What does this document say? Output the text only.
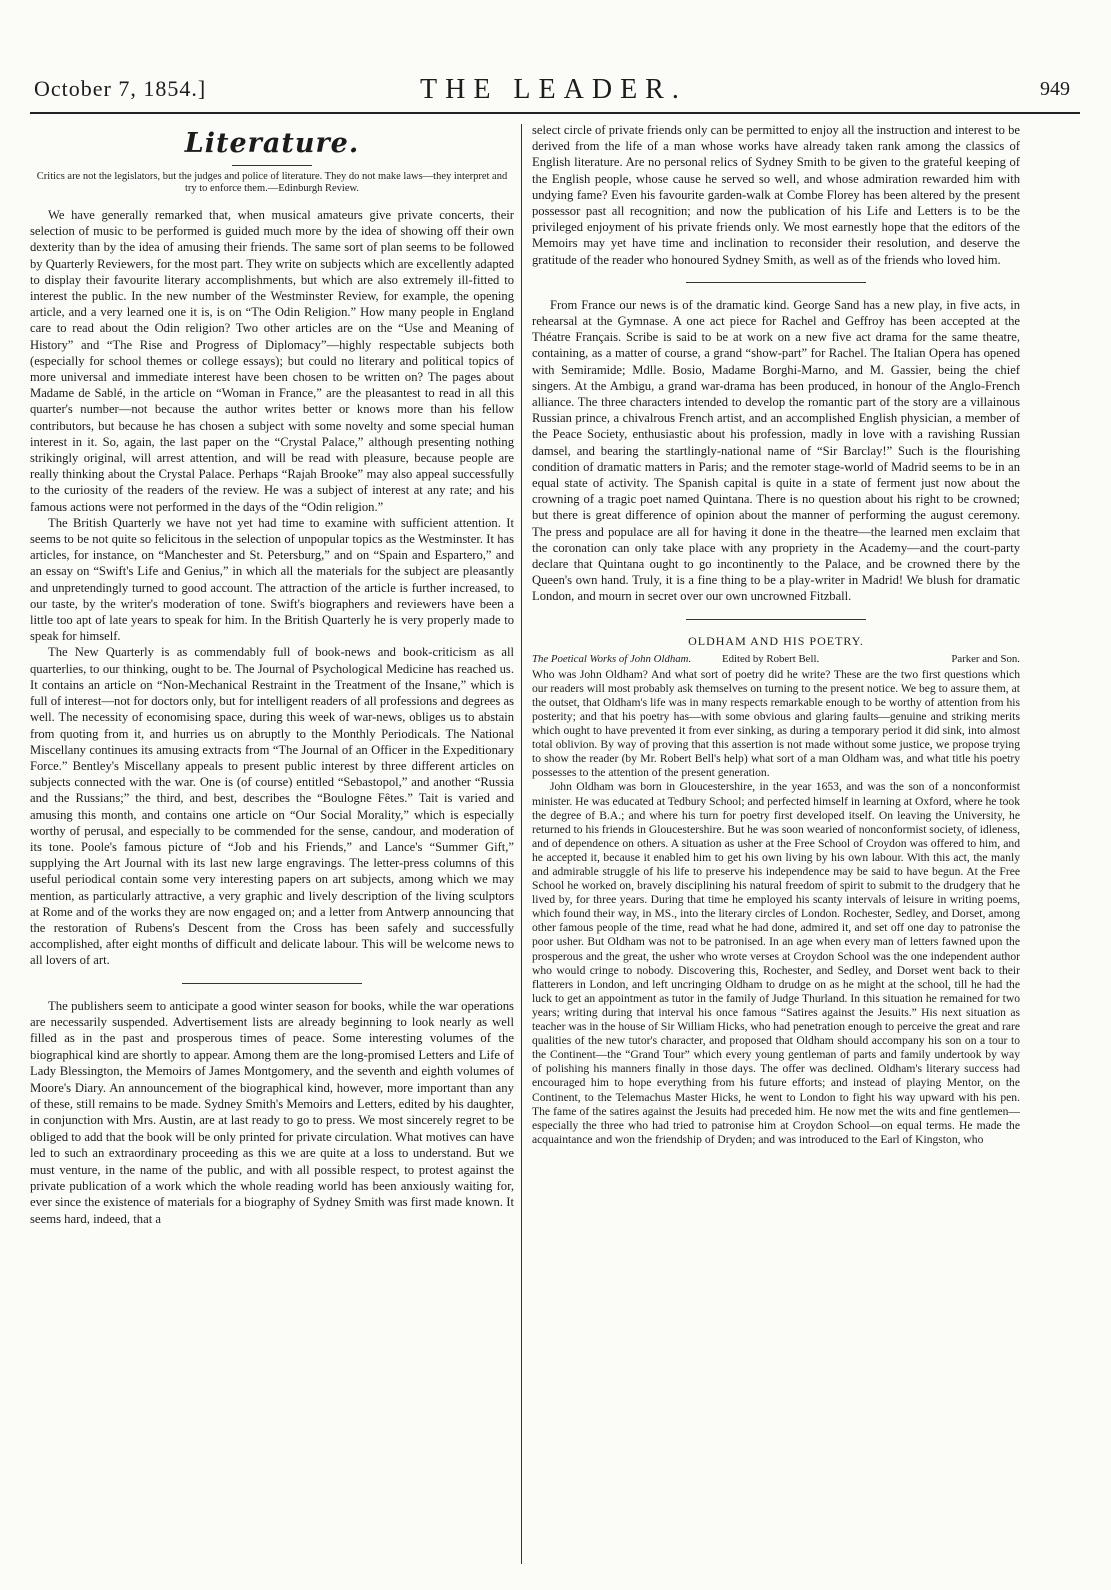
October 7, 1854.]	THE LEADER.	949
Literature.
Critics are not the legislators, but the judges and police of literature. They do not make laws—they interpret and try to enforce them.—Edinburgh Review.

We have generally remarked that, when musical amateurs give private concerts, their selection of music to be performed is guided much more by the idea of showing off their own dexterity than by the idea of amusing their friends. The same sort of plan seems to be followed by Quarterly Reviewers, for the most part. They write on subjects which are excellently adapted to display their favourite literary accomplishments, but which are also extremely ill-fitted to interest the public. In the new number of the Westminster Review, for example, the opening article, and a very learned one it is, is on “The Odin Religion.” How many people in England care to read about the Odin religion? Two other articles are on the “Use and Meaning of History” and “The Rise and Progress of Diplomacy”—highly respectable subjects both (especially for school themes or college essays); but could no literary and political topics of more universal and immediate interest have been chosen to be written on? The pages about Madame de Sablé, in the article on “Woman in France,” are the pleasantest to read in all this quarter's number—not because the author writes better or knows more than his fellow contributors, but because he has chosen a subject with some novelty and some special human interest in it. So, again, the last paper on the “Crystal Palace,” although presenting nothing strikingly original, will arrest attention, and will be read with pleasure, because people are really thinking about the Crystal Palace. Perhaps “Rajah Brooke” may also appeal successfully to the curiosity of the readers of the review. He was a subject of interest at any rate; and his famous actions were not performed in the days of the “Odin religion.”

The British Quarterly we have not yet had time to examine with sufficient attention. It seems to be not quite so felicitous in the selection of unpopular topics as the Westminster. It has articles, for instance, on “Manchester and St. Petersburg,” and on “Spain and Espartero,” and an essay on “Swift's Life and Genius,” in which all the materials for the subject are pleasantly and unpretendingly turned to good account. The attraction of the article is further increased, to our taste, by the writer's moderation of tone. Swift's biographers and reviewers have been a little too apt of late years to speak for him. In the British Quarterly he is very properly made to speak for himself.

The New Quarterly is as commendably full of book-news and book-criticism as all quarterlies, to our thinking, ought to be. The Journal of Psychological Medicine has reached us. It contains an article on “Non-Mechanical Restraint in the Treatment of the Insane,” which is full of interest—not for doctors only, but for intelligent readers of all professions and degrees as well. The necessity of economising space, during this week of war-news, obliges us to abstain from quoting from it, and hurries us on abruptly to the Monthly Periodicals. The National Miscellany continues its amusing extracts from “The Journal of an Officer in the Expeditionary Force.” Bentley's Miscellany appeals to present public interest by three different articles on subjects connected with the war. One is (of course) entitled “Sebastopol,” and another “Russia and the Russians;” the third, and best, describes the “Boulogne Fêtes.” Tait is varied and amusing this month, and contains one article on “Our Social Morality,” which is especially worthy of perusal, and especially to be commended for the sense, candour, and moderation of its tone. Poole's famous picture of “Job and his Friends,” and Lance's “Summer Gift,” supplying the Art Journal with its last new large engravings. The letter-press columns of this useful periodical contain some very interesting papers on art subjects, among which we may mention, as particularly attractive, a very graphic and lively description of the living sculptors at Rome and of the works they are now engaged on; and a letter from Antwerp announcing that the restoration of Rubens's Descent from the Cross has been safely and successfully accomplished, after eight months of difficult and delicate labour. This will be welcome news to all lovers of art.

The publishers seem to anticipate a good winter season for books, while the war operations are necessarily suspended. Advertisement lists are already beginning to look nearly as well filled as in the past and prosperous times of peace. Some interesting volumes of the biographical kind are shortly to appear. Among them are the long-promised Letters and Life of Lady Blessington, the Memoirs of James Montgomery, and the seventh and eighth volumes of Moore's Diary. An announcement of the biographical kind, however, more important than any of these, still remains to be made. Sydney Smith's Memoirs and Letters, edited by his daughter, in conjunction with Mrs. Austin, are at last ready to go to press. We most sincerely regret to be obliged to add that the book will be only printed for private circulation. What motives can have led to such an extraordinary proceeding as this we are quite at a loss to understand. But we must venture, in the name of the public, and with all possible respect, to protest against the private publication of a work which the whole reading world has been anxiously waiting for, ever since the existence of materials for a biography of Sydney Smith was first made known. It seems hard, indeed, that a

select circle of private friends only can be permitted to enjoy all the instruction and interest to be derived from the life of a man whose works have already taken rank among the classics of English literature. Are no personal relics of Sydney Smith to be given to the grateful keeping of the English people, whose cause he served so well, and whose admiration rewarded him with undying fame? Even his favourite garden-walk at Combe Florey has been altered by the present possessor past all recognition; and now the publication of his Life and Letters is to be the privileged enjoyment of his private friends only. We most earnestly hope that the editors of the Memoirs may yet have time and inclination to reconsider their resolution, and deserve the gratitude of the reader who honoured Sydney Smith, as well as of the friends who loved him.

From France our news is of the dramatic kind. George Sand has a new play, in five acts, in rehearsal at the Gymnase. A one act piece for Rachel and Geffroy has been accepted at the Théatre Français. Scribe is said to be at work on a new five act drama for the same theatre, containing, as a matter of course, a grand “show-part” for Rachel. The Italian Opera has opened with Semiramide; Mdlle. Bosio, Madame Borghi-Marno, and M. Gassier, being the chief singers. At the Ambigu, a grand war-drama has been produced, in honour of the Anglo-French alliance. The three characters intended to develop the romantic part of the story are a villainous Russian prince, a chivalrous French artist, and an accomplished English physician, a member of the Peace Society, enthusiastic about his profession, madly in love with a ravishing Russian damsel, and bearing the startlingly-national name of “Sir Barclay!” Such is the flourishing condition of dramatic matters in Paris; and the remoter stage-world of Madrid seems to be in an equal state of activity. The Spanish capital is quite in a state of ferment just now about the crowning of a tragic poet named Quintana. There is no question about his right to be crowned; but there is great difference of opinion about the manner of performing the august ceremony. The press and populace are all for having it done in the theatre—the learned men exclaim that the coronation can only take place with any propriety in the Academy—and the court-party declare that Quintana ought to go incontinently to the Palace, and be crowned there by the Queen's own hand. Truly, it is a fine thing to be a play-writer in Madrid! We blush for dramatic London, and mourn in secret over our own uncrowned Fitzball.

OLDHAM AND HIS POETRY.
The Poetical Works of John Oldham.	Edited by Robert Bell.	Parker and Son.

Who was John Oldham? And what sort of poetry did he write? These are the two first questions which our readers will most probably ask themselves on turning to the present notice. We beg to assure them, at the outset, that Oldham's life was in many respects remarkable enough to be worthy of attention from his posterity; and that his poetry has—with some obvious and glaring faults—genuine and striking merits which ought to have prevented it from ever sinking, as during a temporary period it did sink, into almost total oblivion. By way of proving that this assertion is not made without some justice, we propose trying to show the reader (by Mr. Robert Bell's help) what sort of a man Oldham was, and what title his poetry possesses to the attention of the present generation.

John Oldham was born in Gloucestershire, in the year 1653, and was the son of a nonconformist minister. He was educated at Tedbury School; and perfected himself in learning at Oxford, where he took the degree of B.A.; and where his turn for poetry first developed itself. On leaving the University, he returned to his friends in Gloucestershire. But he was soon wearied of nonconformist society, of idleness, and of dependence on others. A situation as usher at the Free School of Croydon was offered to him, and he accepted it, because it enabled him to get his own living by his own labour. With this act, the manly and admirable struggle of his life to preserve his independence may be said to have begun. At the Free School he worked on, bravely disciplining his natural freedom of spirit to submit to the drudgery that he lived by, for three years. During that time he employed his scanty intervals of leisure in writing poems, which found their way, in MS., into the literary circles of London. Rochester, Sedley, and Dorset, among other famous people of the time, read what he had done, admired it, and set off one day to patronise the poor usher. But Oldham was not to be patronised. In an age when every man of letters fawned upon the prosperous and the great, the usher who wrote verses at Croydon School was the one independent author who would cringe to nobody. Discovering this, Rochester, and Sedley, and Dorset went back to their flatterers in London, and left uncringing Oldham to drudge on as he might at the school, till he had the luck to get an appointment as tutor in the family of Judge Thurland. In this situation he remained for two years; writing during that interval his once famous “Satires against the Jesuits.” His next situation as teacher was in the house of Sir William Hicks, who had penetration enough to perceive the great and rare qualities of the new tutor's character, and proposed that Oldham should accompany his son on a tour to the Continent—the “Grand Tour” which every young gentleman of parts and family undertook by way of polishing his manners finally in those days. The offer was declined. Oldham's literary success had encouraged him to hope everything from his future efforts; and instead of playing Mentor, on the Continent, to the Telemachus Master Hicks, he went to London to fight his way upward with his pen. The fame of the satires against the Jesuits had preceded him. He now met the wits and fine gentlemen—especially the three who had tried to patronise him at Croydon School—on equal terms. He made the acquaintance and won the friendship of Dryden; and was introduced to the Earl of Kingston, who
